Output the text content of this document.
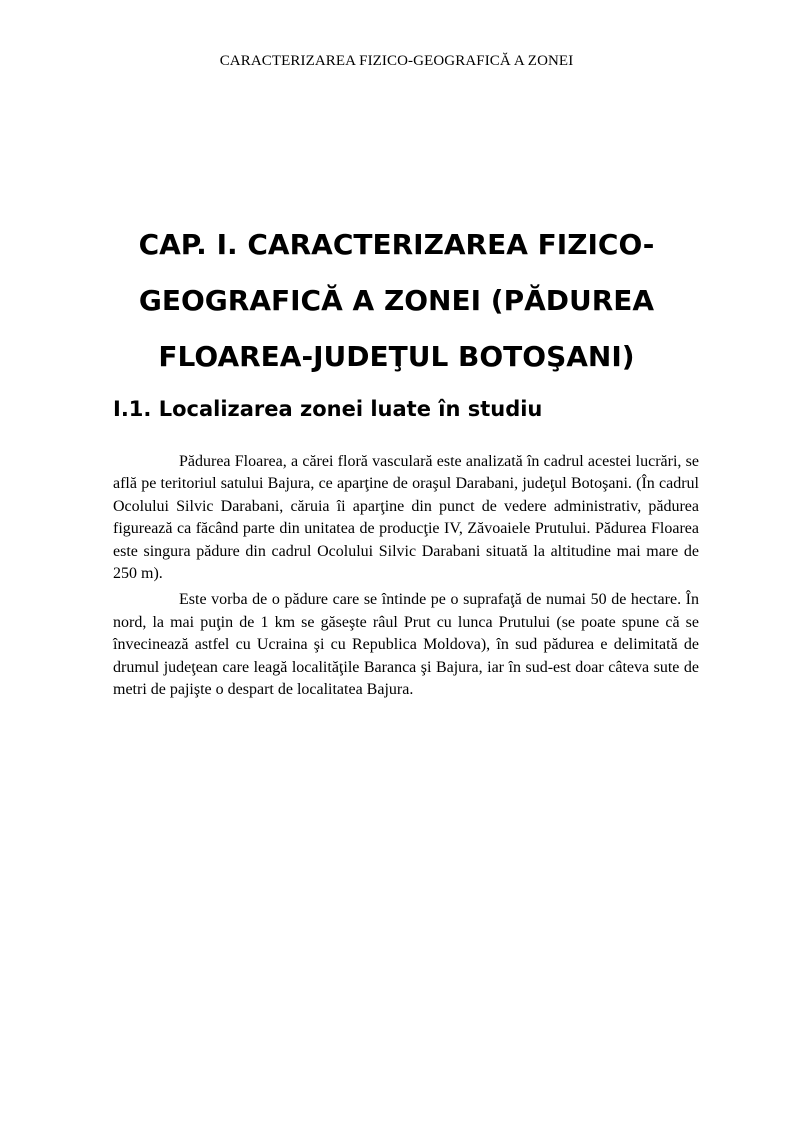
CARACTERIZAREA FIZICO-GEOGRAFICĂ A ZONEI
CAP. I. CARACTERIZAREA FIZICO-
GEOGRAFICĂ A ZONEI (PĂDUREA
FLOAREA-JUDEŢUL BOTOŞANI)
I.1. Localizarea zonei luate în studiu

Pădurea Floarea, a cărei floră vasculară este analizată în cadrul acestei lucrări, se află pe teritoriul satului Bajura, ce aparţine de oraşul Darabani, judeţul Botoşani. (În cadrul Ocolului Silvic Darabani, căruia îi aparţine din punct de vedere administrativ, pădurea figurează ca făcând parte din unitatea de producţie IV, Zăvoaiele Prutului. Pădurea Floarea este singura pădure din cadrul Ocolului Silvic Darabani situată la altitudine mai mare de 250 m).

Este vorba de o pădure care se întinde pe o suprafaţă de numai 50 de hectare. În nord, la mai puţin de 1 km se găseşte râul Prut cu lunca Prutului (se poate spune că se învecinează astfel cu Ucraina şi cu Republica Moldova), în sud pădurea e delimitată de drumul judeţean care leagă localităţile Baranca şi Bajura, iar în sud-est doar câteva sute de metri de pajişte o despart de localitatea Bajura.
